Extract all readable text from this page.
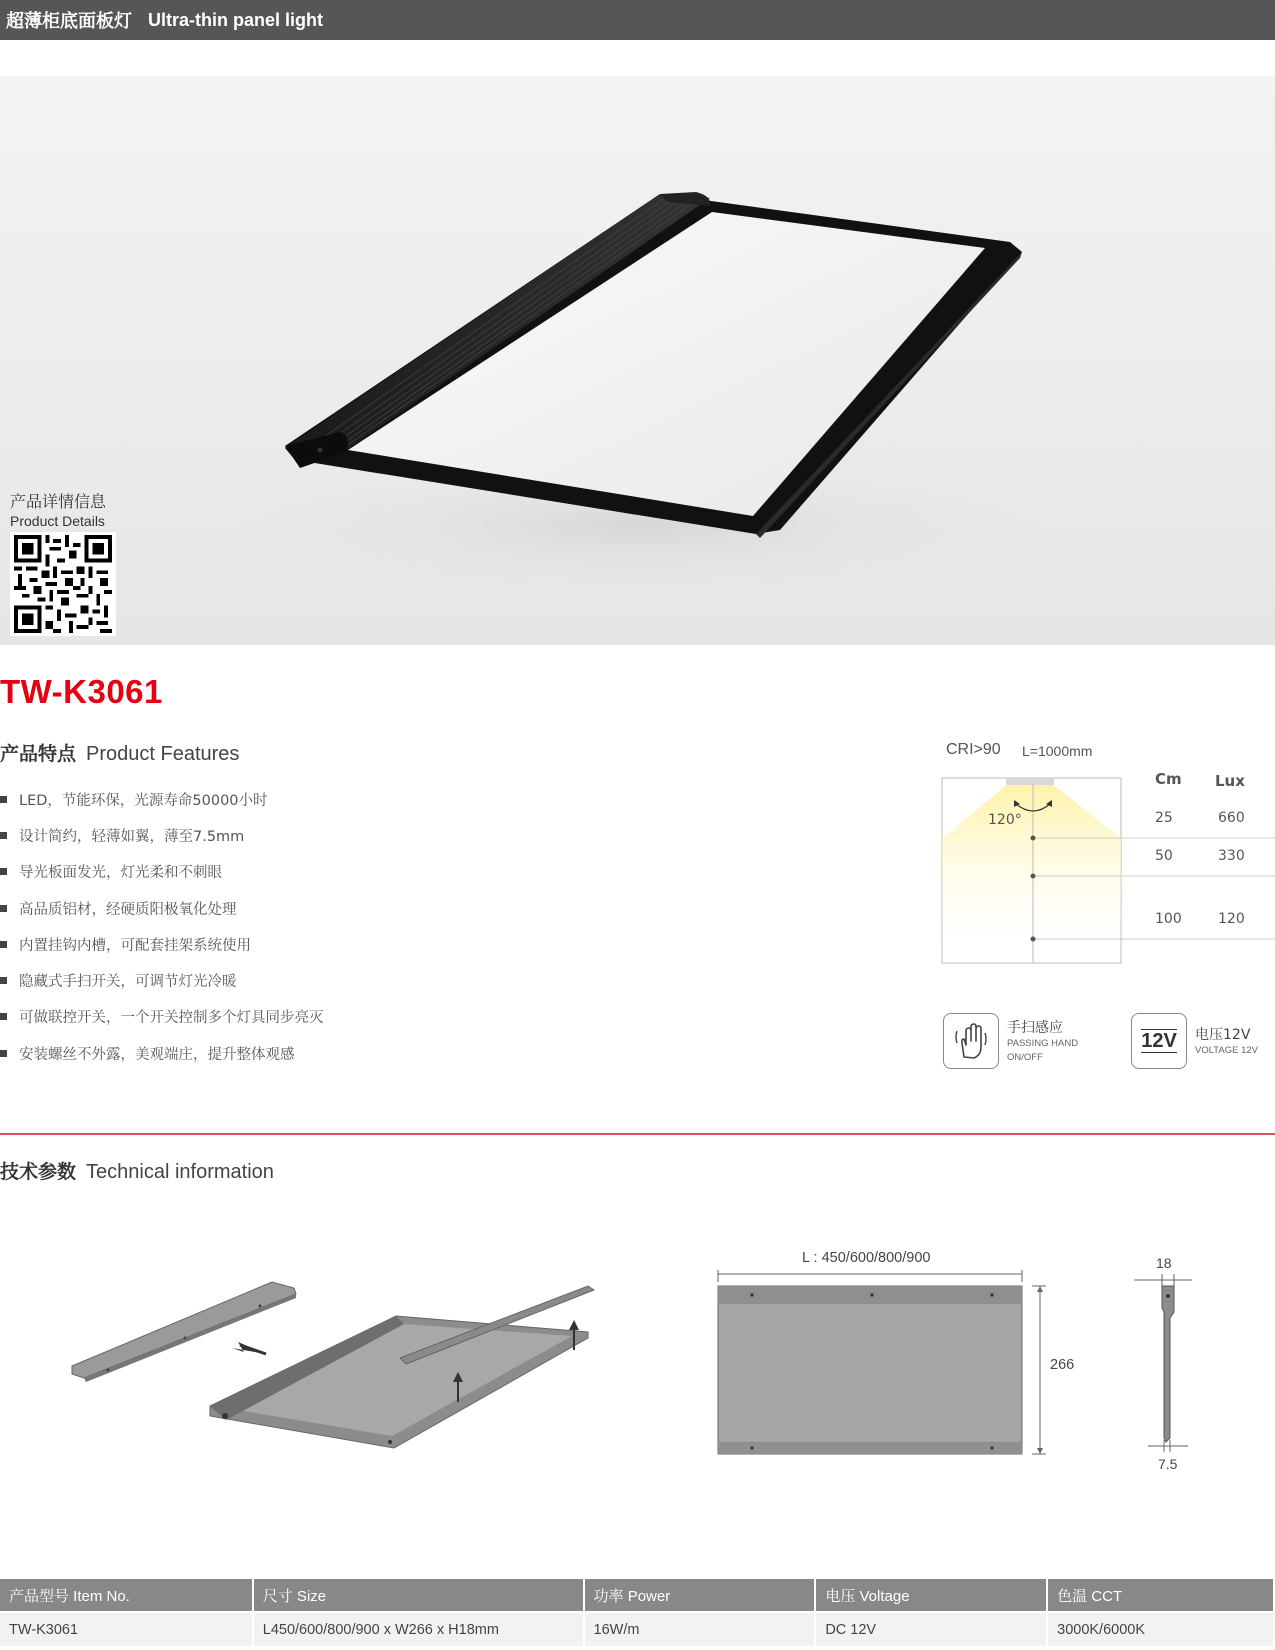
超薄柜底面板灯 Ultra-thin panel light
产品详情信息
Product Details
TW-K3061
产品特点 Product Features
LED，节能环保，光源寿命50000小时
设计简约，轻薄如翼，薄至7.5mm
导光板面发光，灯光柔和不刺眼
高品质铝材，经硬质阳极氧化处理
内置挂钩内槽，可配套挂架系统使用
隐藏式手扫开关，可调节灯光冷暖
可做联控开关，一个开关控制多个灯具同步亮灭
安装螺丝不外露，美观端庄，提升整体观感
CRI>90 L=1000mm
120°
Cm Lux
25	660
50	330
100	120
手扫感应
PASSING HAND
ON/OFF
12V 电压12V
VOLTAGE 12V
技术参数 Technical information
L : 450/600/800/900
266
18
7.5
产品型号 Item No.	尺寸 Size	功率 Power	电压 Voltage	色温 CCT
TW-K3061	L450/600/800/900 x W266 x H18mm	16W/m	DC 12V	3000K/6000K
